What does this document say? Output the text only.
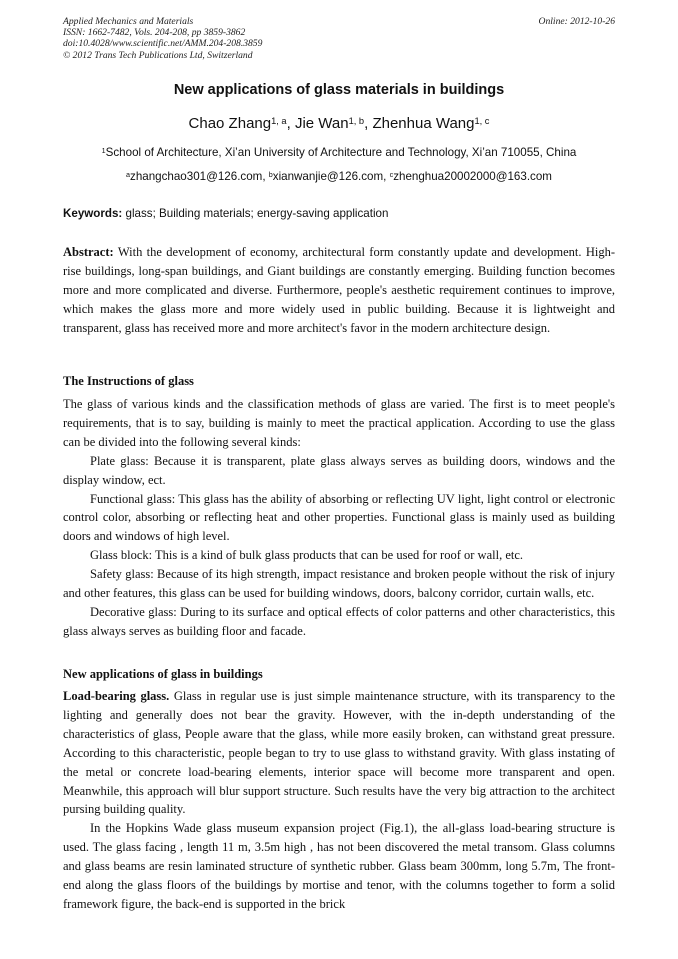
Applied Mechanics and Materials
ISSN: 1662-7482, Vols. 204-208, pp 3859-3862
doi:10.4028/www.scientific.net/AMM.204-208.3859
© 2012 Trans Tech Publications Ltd, Switzerland
Online: 2012-10-26
New applications of glass materials in buildings
Chao Zhang$^{1, a}$, Jie Wan$^{1, b}$, Zhenhua Wang$^{1, c}$
$^1$School of Architecture, Xi’an University of Architecture and Technology, Xi’an 710055, China
$^a$zhangchao301@126.com, $^b$xianwanjie@126.com, $^c$zhenghua20002000@163.com
Keywords: glass; Building materials; energy-saving application

Abstract: With the development of economy, architectural form constantly update and development. High-rise buildings, long-span buildings, and Giant buildings are constantly emerging. Building function becomes more and more complicated and diverse. Furthermore, people's aesthetic requirement continues to improve, which makes the glass more and more widely used in public building. Because it is lightweight and transparent, glass has received more and more architect's favor in the modern architecture design.

The Instructions of glass

The glass of various kinds and the classification methods of glass are varied. The first is to meet people's requirements, that is to say, building is mainly to meet the practical application. According to use the glass can be divided into the following several kinds:

Plate glass: Because it is transparent, plate glass always serves as building doors, windows and the display window, ect.

Functional glass: This glass has the ability of absorbing or reflecting UV light, light control or electronic control color, absorbing or reflecting heat and other properties. Functional glass is mainly used as building doors and windows of high level.

Glass block: This is a kind of bulk glass products that can be used for roof or wall, etc.

Safety glass: Because of its high strength, impact resistance and broken people without the risk of injury and other features, this glass can be used for building windows, doors, balcony corridor, curtain walls, etc.

Decorative glass: During to its surface and optical effects of color patterns and other characteristics, this glass always serves as building floor and facade.

New applications of glass in buildings

Load-bearing glass. Glass in regular use is just simple maintenance structure, with its transparency to the lighting and generally does not bear the gravity. However, with the in-depth understanding of the characteristics of glass, People aware that the glass, while more easily broken, can withstand great pressure. According to this characteristic, people began to try to use glass to withstand gravity. With glass instating of the metal or concrete load-bearing elements, interior space will become more transparent and open. Meanwhile, this approach will blur support structure. Such results have the very big attraction to the architect pursing building quality.

In the Hopkins Wade glass museum expansion project (Fig.1), the all-glass load-bearing structure is used. The glass facing , length 11 m, 3.5m high , has not been discovered the metal transom. Glass columns and glass beams are resin laminated structure of synthetic rubber. Glass beam 300mm, long 5.7m, The front-end along the glass floors of the buildings by mortise and tenor, with the columns together to form a solid framework figure, the back-end is supported in the brick
